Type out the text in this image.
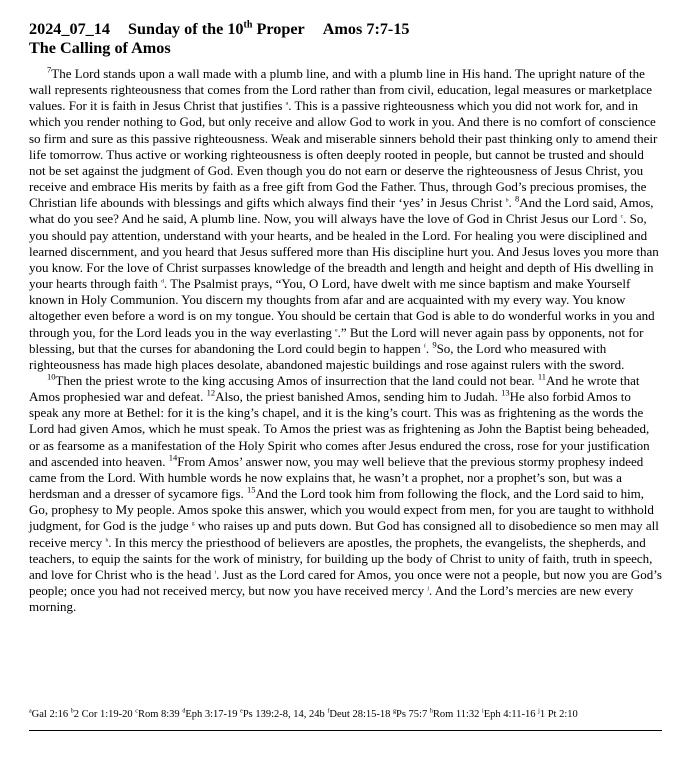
2024_07_14 Sunday of the 10th Proper Amos 7:7-15
The Calling of Amos

$^7$The Lord stands upon a wall made with a plumb line, and with a plumb line in His hand. The upright nature of the wall represents righteousness that comes from the Lord rather than from civil, education, legal measures or marketplace values. For it is faith in Jesus Christ that justifies $^a$. This is a passive righteousness which you did not work for, and in which you render nothing to God, but only receive and allow God to work in you. And there is no comfort of conscience so firm and sure as this passive righteousness. Weak and miserable sinners behold their past thinking only to amend their life tomorrow. Thus active or working righteousness is often deeply rooted in people, but cannot be trusted and should not be set against the judgment of God. Even though you do not earn or deserve the righteousness of Jesus Christ, you receive and embrace His merits by faith as a free gift from God the Father. Thus, through God’s precious promises, the Christian life abounds with blessings and gifts which always find their ‘yes’ in Jesus Christ $^b$. $^8$And the Lord said, Amos, what do you see? And he said, A plumb line. Now, you will always have the love of God in Christ Jesus our Lord $^c$. So, you should pay attention, understand with your hearts, and be healed in the Lord. For healing you were disciplined and learned discernment, and you heard that Jesus suffered more than His discipline hurt you. And Jesus loves you more than you know. For the love of Christ surpasses knowledge of the breadth and length and height and depth of His dwelling in your hearts through faith $^d$. The Psalmist prays, “You, O Lord, have dwelt with me since baptism and make Yourself known in Holy Communion. You discern my thoughts from afar and are acquainted with my every way. You know altogether even before a word is on my tongue. You should be certain that God is able to do wonderful works in you and through you, for the Lord leads you in the way everlasting $^e$.” But the Lord will never again pass by opponents, not for blessing, but that the curses for abandoning the Lord could begin to happen $^f$. $^9$So, the Lord who measured with righteousness has made high places desolate, abandoned majestic buildings and rose against rulers with the sword.

$^{10}$Then the priest wrote to the king accusing Amos of insurrection that the land could not bear. $^{11}$And he wrote that Amos prophesied war and defeat. $^{12}$Also, the priest banished Amos, sending him to Judah. $^{13}$He also forbid Amos to speak any more at Bethel: for it is the king’s chapel, and it is the king’s court. This was as frightening as the words the Lord had given Amos, which he must speak. To Amos the priest was as frightening as John the Baptist being beheaded, or as fearsome as a manifestation of the Holy Spirit who comes after Jesus endured the cross, rose for your justification and ascended into heaven. $^{14}$From Amos’ answer now, you may well believe that the previous stormy prophesy indeed came from the Lord. With humble words he now explains that, he wasn’t a prophet, nor a prophet’s son, but was a herdsman and a dresser of sycamore figs. $^{15}$And the Lord took him from following the flock, and the Lord said to him, Go, prophesy to My people. Amos spoke this answer, which you would expect from men, for you are taught to withhold judgment, for God is the judge $^g$ who raises up and puts down. But God has consigned all to disobedience so men may all receive mercy $^h$. In this mercy the priesthood of believers are apostles, the prophets, the evangelists, the shepherds, and teachers, to equip the saints for the work of ministry, for building up the body of Christ to unity of faith, truth in speech, and love for Christ who is the head $^i$. Just as the Lord cared for Amos, you once were not a people, but now you are God’s people; once you had not received mercy, but now you have received mercy $^j$. And the Lord’s mercies are new every morning.

$^a$Gal 2:16 $^b$2 Cor 1:19-20 $^c$Rom 8:39 $^d$Eph 3:17-19 $^e$Ps 139:2-8, 14, 24b $^f$Deut 28:15-18 $^g$Ps 75:7 $^h$Rom 11:32 $^i$Eph 4:11-16 $^j$1 Pt 2:10
